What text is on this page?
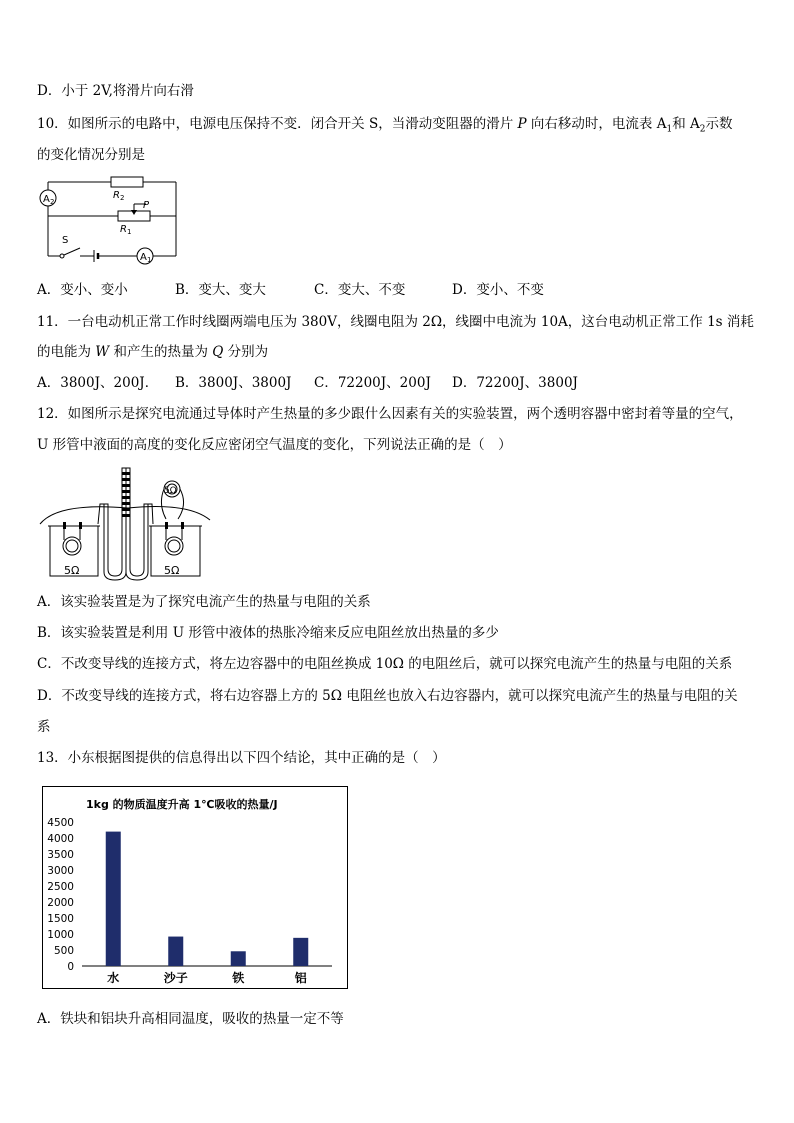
D．小于 2V,将滑片向右滑
10．如图所示的电路中，电源电压保持不变．闭合开关 S，当滑动变阻器的滑片 P 向右移动时，电流表 $A_1$和 $A_2$示数
的变化情况分别是
A 2
A 1
R 2
R 1
P
S
A．变小、变小	B．变大、变大	C．变大、不变	D．变小、不变
11．一台电动机正常工作时线圈两端电压为 380V，线圈电阻为 2Ω，线圈中电流为 10A，这台电动机正常工作 1s 消耗
的电能为 W 和产生的热量为 Q 分别为
A．3800J、200J． B．3800J、3800J C．72200J、200J D．72200J、3800J
12．如图所示是探究电流通过导体时产生热量的多少跟什么因素有关的实验装置，两个透明容器中密封着等量的空气，
U 形管中液面的高度的变化反应密闭空气温度的变化，下列说法正确的是（　）
5Ω	5Ω
5Ω
A．该实验装置是为了探究电流产生的热量与电阻的关系
B．该实验装置是利用 U 形管中液体的热胀冷缩来反应电阻丝放出热量的多少
C．不改变导线的连接方式，将左边容器中的电阻丝换成 10Ω 的电阻丝后，就可以探究电流产生的热量与电阻的关系
D．不改变导线的连接方式，将右边容器上方的 5Ω 电阻丝也放入右边容器内，就可以探究电流产生的热量与电阻的关
系
13．小东根据图提供的信息得出以下四个结论，其中正确的是（　）
1kg 的物质温度升高 1℃吸收的热量/J
0
500
1000
1500
2000
2500
3000
3500
4000
4500
水	沙子	铁	铝
A．铁块和铝块升高相同温度，吸收的热量一定不等
